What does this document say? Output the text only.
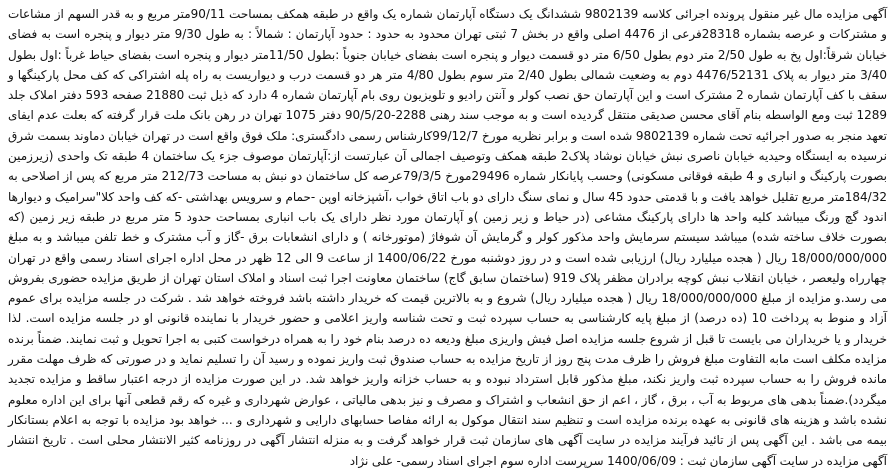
آگهی مزایده مال غیر منقول پرونده اجرائی کلاسه 9802139 ششدانگ یک دستگاه آپارتمان شماره یک واقع در طبقه همکف بمساحت 90/11متر مربع و به قدر السهم از مشاعات و مشترکات و عرصه بشماره 28318فرعی از 4476 اصلی واقع در بخش 7 ثبتی تهران محدود به حدود : حدود آپارتمان : شمالاً : به طول 9/30 متر دیوار و پنجره است به فضای خیابان شرقاً:اول پخ به طول 2/50 متر دوم بطول 6/50 متر دو قسمت دیوار و پنجره است بفضای خیابان جنوباً :بطول 11/50متر دیوار و پنجره است بفضای حیاط غرباً :اول بطول 3/40 متر دیوار به پلاک 4476/52131 دوم به وضعیت شمالی بطول 2/40 متر سوم بطول 4/80 متر هر دو قسمت درب و دیواریست به راه پله اشتراکی که کف محل پارکینگها و سقف با کف آپارتمان شماره 2 مشترک است و این آپارتمان حق نصب کولر و آنتن رادیو و تلویزیون روی بام آپارتمان شماره 4 دارد که ذیل ثبت 21880 صفحه 593 دفتر املاک جلد 1289 ثبت ومع الواسطه بنام آقای محسن صدیقی منتقل گردیده است و به موجب سند رهنی 2288-90/5/20 دفتر 1075 تهران در رهن بانک ملت قرار گرفته که بعلت عدم ایفای تعهد منجر به صدور اجرائیه تحت شماره 9802139 شده است و برابر نظریه مورخ 99/12/7کارشناس رسمی دادگستری: ملک فوق واقع است در تهران خیابان دماوند بسمت شرق نرسیده به ایستگاه وحیدیه خیابان ناصری نبش خیابان نوشاد پلاک2 طبقه همکف وتوصیف اجمالی آن عبارتست از:آپارتمان موصوف جزء یک ساختمان 4 طبقه تک واحدی (زیرزمین بصورت پارکینگ و انباری و 4 طبقه فوقانی مسکونی) وحسب پایانکار شماره 29496مورخ 79/3/5عرصه کل ساختمان دو نبش به مساحت 212/73 متر مربع که پس از اصلاحی به 184/32متر مربع تقلیل خواهد یافت و با قدمتی حدود 45 سال و نمای سنگ دارای دو باب اتاق خواب ،آشپزخانه اوپن -حمام و سرویس بهداشتی -که کف واحد کلا"سرامیک و دیوارها اندود گچ ورنگ میباشد کلیه واحد ها دارای پارکینگ مشاعی (در حیاط و زیر زمین )و آپارتمان مورد نظر دارای یک باب انباری بمساحت حدود 5 متر مربع در طبقه زیر زمین (که بصورت خلاف ساخته شده) میباشد سیستم سرمایش واحد مذکور کولر و گرمایش آن شوفاژ (موتورخانه ) و دارای انشعابات برق -گاز و آب مشترک و خط تلفن میباشد و به مبلغ 18/000/000/000 ریال ( هجده میلیارد ریال) ارزیابی شده است و در روز دوشنبه مورخ 1400/06/22 از ساعت 9 الی 12 ظهر در محل اداره اجرای اسناد رسمی واقع در تهران چهارراه ولیعصر ، خیابان انقلاب نبش کوچه برادران مظفر پلاک 919 (ساختمان سابق گاج) ساختمان معاونت اجرا ثبت اسناد و املاک استان تهران از طریق مزایده حضوری بفروش می رسد.و مزایده از مبلغ 18/000/000/000 ریال ( هجده میلیارد ریال) شروع و به بالاترین قیمت که خریدار داشته باشد فروخته خواهد شد . شرکت در جلسه مزایده برای عموم آزاد و منوط به پرداخت 10 (ده درصد) از مبلغ پایه کارشناسی به حساب سپرده ثبت و تحت شناسه واریز اعلامی و حضور خریدار با نماینده قانونی او در جلسه مزایده است. لذا خریدار و یا خریداران می بایست تا قبل از شروع جلسه مزایده اصل فیش واریزی مبلغ ودیعه ده درصد بنام خود را به همراه درخواست کتبی به اجرا تحویل و ثبت نمایند. ضمناً برنده مزایده مکلف است مابه التفاوت مبلغ فروش را ظرف مدت پنج روز از تاریخ مزایده به حساب صندوق ثبت واریز نموده و رسید آن را تسلیم نماید و در صورتی که ظرف مهلت مقرر مانده فروش را به حساب سپرده ثبت واریز نکند، مبلغ مذکور قابل استرداد نبوده و به حساب خزانه واریز خواهد شد. در این صورت مزایده از درجه اعتبار ساقط و مزایده تجدید میگردد).ضمناً بدهی های مربوط به آب ، برق ، گاز ، اعم از حق انشعاب و اشتراک و مصرف و نیز بدهی مالیاتی ، عوارض شهرداری و غیره که رقم قطعی آنها برای این اداره معلوم نشده باشد و هزینه های قانونی به عهده برنده مزایده است و تنظیم سند انتقال موکول به ارائه مفاصا حسابهای دارایی و شهرداری و ... خواهد بود مزایده با توجه به اعلام بستانکار بیمه می باشد . این آگهی پس از تائید فرآیند مزایده در سایت آگهی های سازمان ثبت قرار خواهد گرفت و به منزله انتشار آگهی در روزنامه کثیر الانتشار محلی است . تاریخ انتشار آگهی مزایده در سایت آگهی سازمان ثبت : 1400/06/09 سرپرست اداره سوم اجرای اسناد رسمی- علی نژاد
